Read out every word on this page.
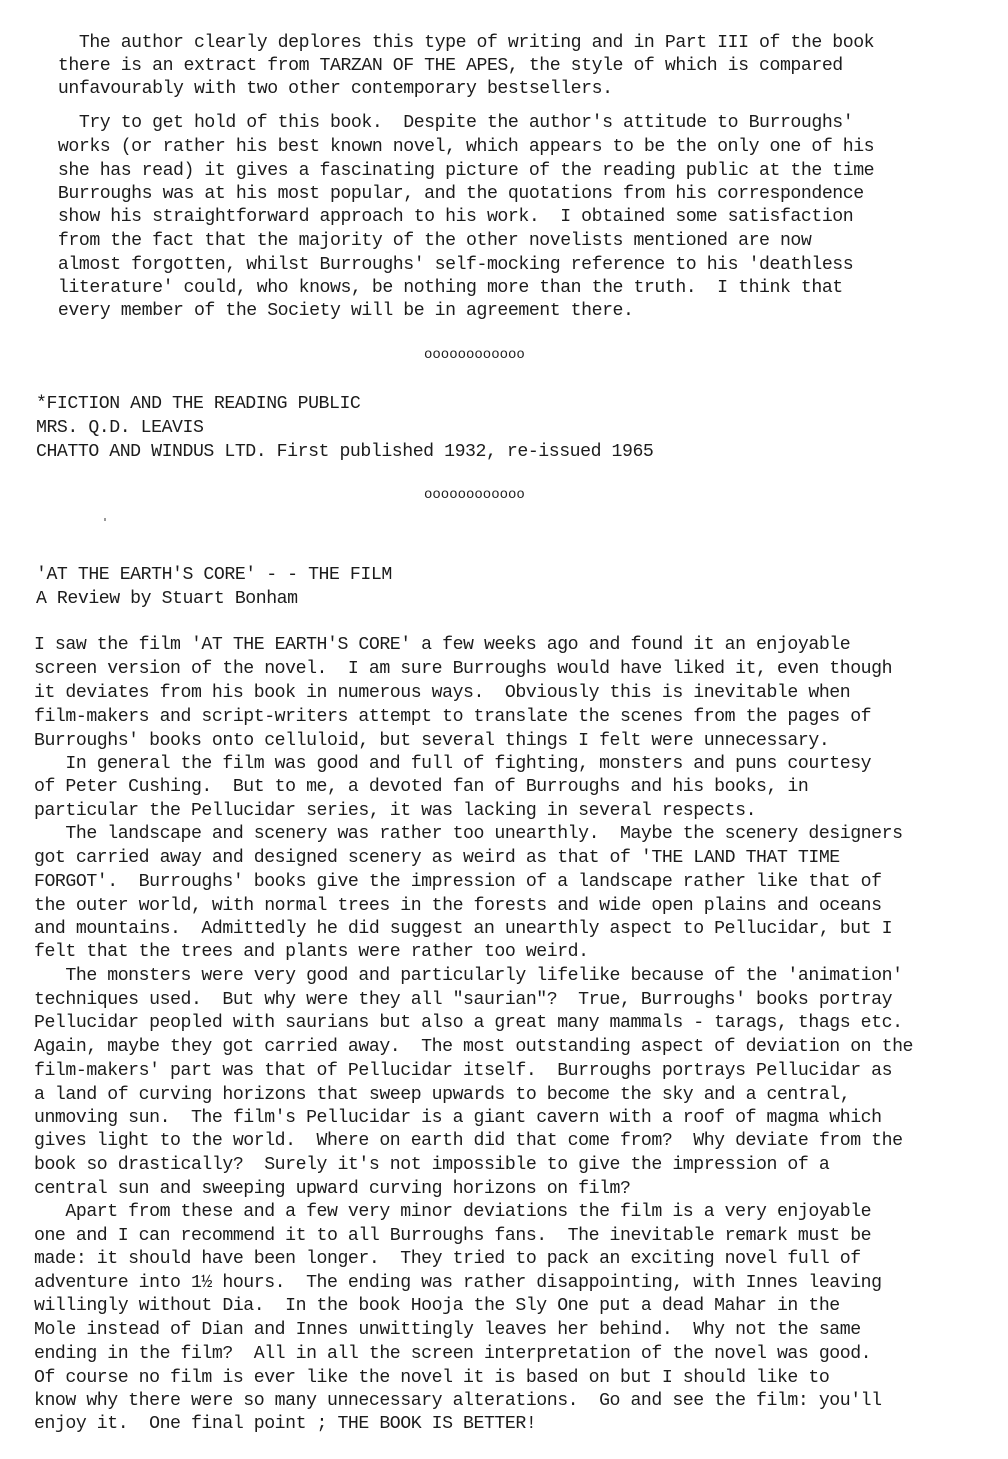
The author clearly deplores this type of writing and in Part III of the book
there is an extract from TARZAN OF THE APES, the style of which is compared
unfavourably with two other contemporary bestsellers.
Try to get hold of this book.  Despite the author's attitude to Burroughs'
works (or rather his best known novel, which appears to be the only one of his
she has read) it gives a fascinating picture of the reading public at the time
Burroughs was at his most popular, and the quotations from his correspondence
show his straightforward approach to his work.  I obtained some satisfaction
from the fact that the majority of the other novelists mentioned are now
almost forgotten, whilst Burroughs' self-mocking reference to his 'deathless
literature' could, who knows, be nothing more than the truth.  I think that
every member of the Society will be in agreement there.
oooooooooooo
*FICTION AND THE READING PUBLIC
MRS. Q.D. LEAVIS
CHATTO AND WINDUS LTD. First published 1932, re-issued 1965
oooooooooooo
'AT THE EARTH'S CORE' - - THE FILM
A Review by Stuart Bonham
I saw the film 'AT THE EARTH'S CORE' a few weeks ago and found it an enjoyable
screen version of the novel.  I am sure Burroughs would have liked it, even though
it deviates from his book in numerous ways.  Obviously this is inevitable when
film-makers and script-writers attempt to translate the scenes from the pages of
Burroughs' books onto celluloid, but several things I felt were unnecessary.
In general the film was good and full of fighting, monsters and puns courtesy
of Peter Cushing.  But to me, a devoted fan of Burroughs and his books, in
particular the Pellucidar series, it was lacking in several respects.
The landscape and scenery was rather too unearthly.  Maybe the scenery designers
got carried away and designed scenery as weird as that of 'THE LAND THAT TIME
FORGOT'.  Burroughs' books give the impression of a landscape rather like that of
the outer world, with normal trees in the forests and wide open plains and oceans
and mountains.  Admittedly he did suggest an unearthly aspect to Pellucidar, but I
felt that the trees and plants were rather too weird.
The monsters were very good and particularly lifelike because of the 'animation'
techniques used.  But why were they all "saurian"?  True, Burroughs' books portray
Pellucidar peopled with saurians but also a great many mammals - tarags, thags etc.
Again, maybe they got carried away.  The most outstanding aspect of deviation on the
film-makers' part was that of Pellucidar itself.  Burroughs portrays Pellucidar as
a land of curving horizons that sweep upwards to become the sky and a central,
unmoving sun.  The film's Pellucidar is a giant cavern with a roof of magma which
gives light to the world.  Where on earth did that come from?  Why deviate from the
book so drastically?  Surely it's not impossible to give the impression of a
central sun and sweeping upward curving horizons on film?
Apart from these and a few very minor deviations the film is a very enjoyable
one and I can recommend it to all Burroughs fans.  The inevitable remark must be
made: it should have been longer.  They tried to pack an exciting novel full of
adventure into 1½ hours.  The ending was rather disappointing, with Innes leaving
willingly without Dia.  In the book Hooja the Sly One put a dead Mahar in the
Mole instead of Dian and Innes unwittingly leaves her behind.  Why not the same
ending in the film?  All in all the screen interpretation of the novel was good.
Of course no film is ever like the novel it is based on but I should like to
know why there were so many unnecessary alterations.  Go and see the film: you'll
enjoy it.  One final point ; THE BOOK IS BETTER!
